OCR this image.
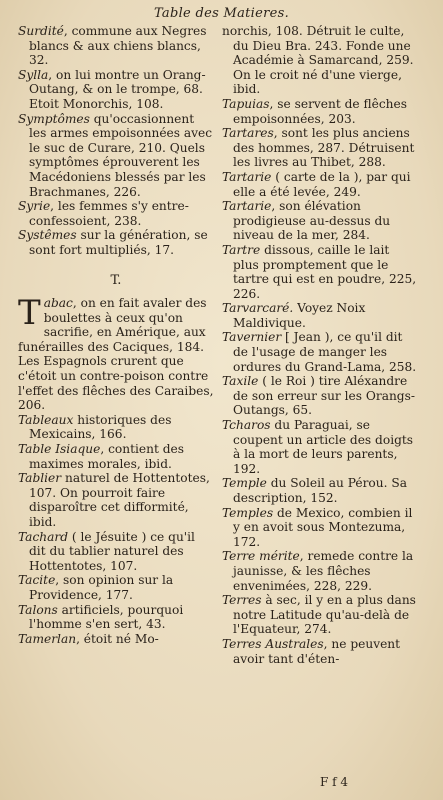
Table des Matieres.
Surdité, commune aux Negres blancs & aux chiens blancs, 32.
Sylla, on lui montre un Orang-Outang, & on le trompe, 68. Etoit Monorchis, 108.
Symptômes qu'occasionnent les armes empoisonnées avec le suc de Curare, 210. Quels symptômes éprouverent les Macédoniens blessés par les Brachmanes, 226.
Syrie, les femmes s'y entre-confessoient, 238.
Systêmes sur la génération, se sont fort multipliés, 17.
T.
Tabac, on en fait avaler des boulettes à ceux qu'on sacrifie, en Amérique, aux funérailles des Caciques, 184. Les Espagnols crurent que c'étoit un contre-poison contre l'effet des flêches des Caraibes, 206.
Tableaux historiques des Mexicains, 166.
Table Isiaque, contient des maximes morales, ibid.
Tablier naturel de Hottentotes, 107. On pourroit faire disparoître cet difformité, ibid.
Tachard ( le Jésuite ) ce qu'il dit du tablier naturel des Hottentotes, 107.
Tacite, son opinion sur la Providence, 177.
Talons artificiels, pourquoi l'homme s'en sert, 43.
Tamerlan, étoit né Mo-
norchis, 108. Détruit le culte, du Dieu Bra. 243. Fonde une Académie à Samarcand, 259. On le croit né d'une vierge, ibid.
Tapuias, se servent de flêches empoisonnées, 203.
Tartares, sont les plus anciens des hommes, 287. Détruisent les livres au Thibet, 288.
Tartarie ( carte de la ), par qui elle a été levée, 249.
Tartarie, son élévation prodigieuse au-dessus du niveau de la mer, 284.
Tartre dissous, caille le lait plus promptement que le tartre qui est en poudre, 225, 226.
Tarvarcaré. Voyez Noix Maldivique.
Tavernier [ Jean ), ce qu'il dit de l'usage de manger les ordures du Grand-Lama, 258.
Taxile ( le Roi ) tire Aléxandre de son erreur sur les Orangs-Outangs, 65.
Tcharos du Paraguai, se coupent un article des doigts à la mort de leurs parents, 192.
Temple du Soleil au Pérou. Sa description, 152.
Temples de Mexico, combien il y en avoit sous Montezuma, 172.
Terre mérite, remede contre la jaunisse, & les flêches envenimées, 228, 229.
Terres à sec, il y en a plus dans notre Latitude qu'au-delà de l'Equateur, 274.
Terres Australes, ne peuvent avoir tant d'éten-
F f 4
